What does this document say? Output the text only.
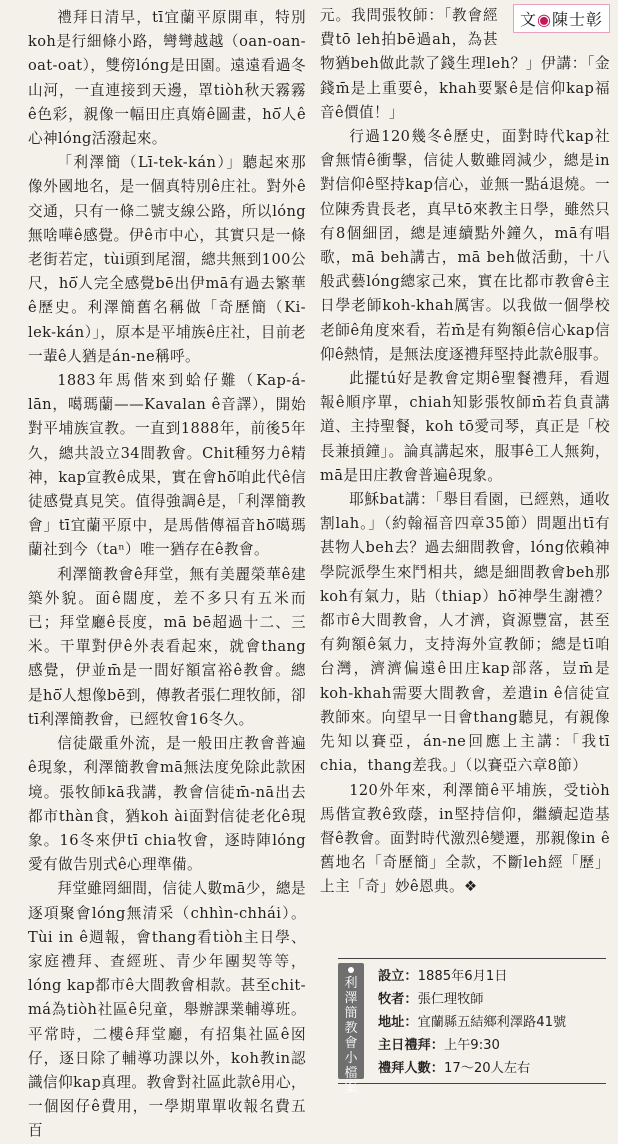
文◉陳士彰

禮拜日清早，tī宜蘭平原開車，特別koh是行細條小路，彎彎越越（oan-oan-oat-oat），雙傍lóng是田園。遠遠看過冬山河，一直連接到天邊，罩tiòh秋天霧霧ê色彩，親像一幅田庄真媠ê圖畫，hō͘人ê心神lóng活潑起來。

「利澤簡（Lī-tek-kán）」聽起來那像外國地名，是一個真特別ê庄社。對外ê交通，只有一條二號支線公路，所以lóng無啥嘩ê感覺。伊ê市中心，其實只是一條老街若定，tùi頭到尾溜，總共無到100公尺，hō͘人完全感覺bē出伊mā有過去繁華ê歷史。利澤簡舊名稱做「奇歷簡（Ki-lek-kán）」，原本是平埔族ê庄社，目前老一輩ê人猶是án-ne稱呼。

1883年馬偕來到蛤仔難（Kap-á-lān，噶瑪蘭——Kavalan ê音譯），開始對平埔族宣教。一直到1888年，前後5年久，總共設立34間教會。Chit種努力ê精神，kap宣教ê成果，實在會hō͘咱此代ê信徒感覺真見笑。值得強調ê是，「利澤簡教會」tī宜蘭平原中，是馬偕傳福音hō͘噶瑪蘭社到今（taⁿ）唯一猶存在ê教會。

利澤簡教會ê拜堂，無有美麗榮華ê建築外貌。面ê闊度，差不多只有五米而已；拜堂廳ê長度，mā bē超過十二、三米。干單對伊ê外表看起來，就會thang感覺，伊並m̄是一間好額富裕ê教會。總是hō͘人想像bē到，傳教者張仁理牧師，卻tī利澤簡教會，已經牧會16冬久。

信徒嚴重外流，是一般田庄教會普遍ê現象，利澤簡教會mā無法度免除此款困境。張牧師kā我講，教會信徒m̄-nā出去都市thàn食，猶koh ài面對信徒老化ê現象。16冬來伊tī chia牧會，逐時陣lóng愛有做告別式ê心理準備。

拜堂雖罔細間，信徒人數mā少，總是逐項聚會lóng無清采（chhìn-chhái）。Tùi in ê週報，會thang看tiòh主日學、家庭禮拜、查經班、青少年團契等等，lóng kap都市ê大間教會相款。甚至chit-má為tiòh社區ê兒童，舉辦課業輔導班。平常時，二樓ê拜堂廳，有招集社區ê囡仔，逐日除了輔導功課以外，koh教in認識信仰kap真理。教會對社區此款ê用心，一個囡仔ê費用，一學期單單收報名費五百

元。我問張牧師：「教會經費tō leh拍bē過ah，為甚物猶beh做此款了錢生理leh？」伊講：「金錢m̄是上重要ê，khah要緊ê是信仰kap福音ê價值！」

行過120幾冬ê歷史，面對時代kap社會無情ê衝擊，信徒人數雖罔減少，總是in對信仰ê堅持kap信心，並無一點á退燒。一位陳秀貴長老，真早tō來教主日學，雖然只有8個細囝，總是連續點外鐘久，mā有唱歌，mā beh講古，mā beh做活動，十八般武藝lóng總家己來，實在比都市教會ê主日學老師koh-khah厲害。以我做一個學校老師ê角度來看，若m̄是有夠額ê信心kap信仰ê熱情，是無法度逐禮拜堅持此款ê服事。

此擺tú好是教會定期ê聖餐禮拜，看週報ê順序單，chiah知影張牧師m̄若負責講道、主持聖餐，koh tō愛司琴，真正是「校長兼摃鐘」。論真講起來，服事ê工人無夠，mā是田庄教會普遍ê現象。

耶穌bat講：「舉目看園，已經熟，通收割lah。」（約翰福音四章35節）問題出tī有甚物人beh去？過去細間教會，lóng依賴神學院派學生來鬥相共，總是細間教會beh那koh有氣力，貼（thiap）hō͘神學生謝禮？都市ê大間教會，人才濟，資源豐富，甚至有夠額ê氣力，支持海外宣教師；總是tī咱台灣，濟濟偏遠ê田庄kap部落，豈m̄是koh-khah需要大間教會，差遣in ê信徒宣教師來。向望早一日會thang聽見，有親像先知以賽亞，án-ne回應上主講：「我tī chia，thang差我。」（以賽亞六章8節）

120外年來，利澤簡ê平埔族，受tiòh馬偕宣教ê致蔭，in堅持信仰，繼續起造基督ê教會。面對時代激烈ê變遷，那親像in ê舊地名「奇歷簡」全款，不斷leh經「歷」上主「奇」妙ê恩典。❖

利
澤
簡
教
會
小
檔
案
設立：1885年6月1日
牧者：張仁理牧師
地址：宜蘭縣五結鄉利澤路41號
主日禮拜：上午9:30
禮拜人數：17～20人左右
